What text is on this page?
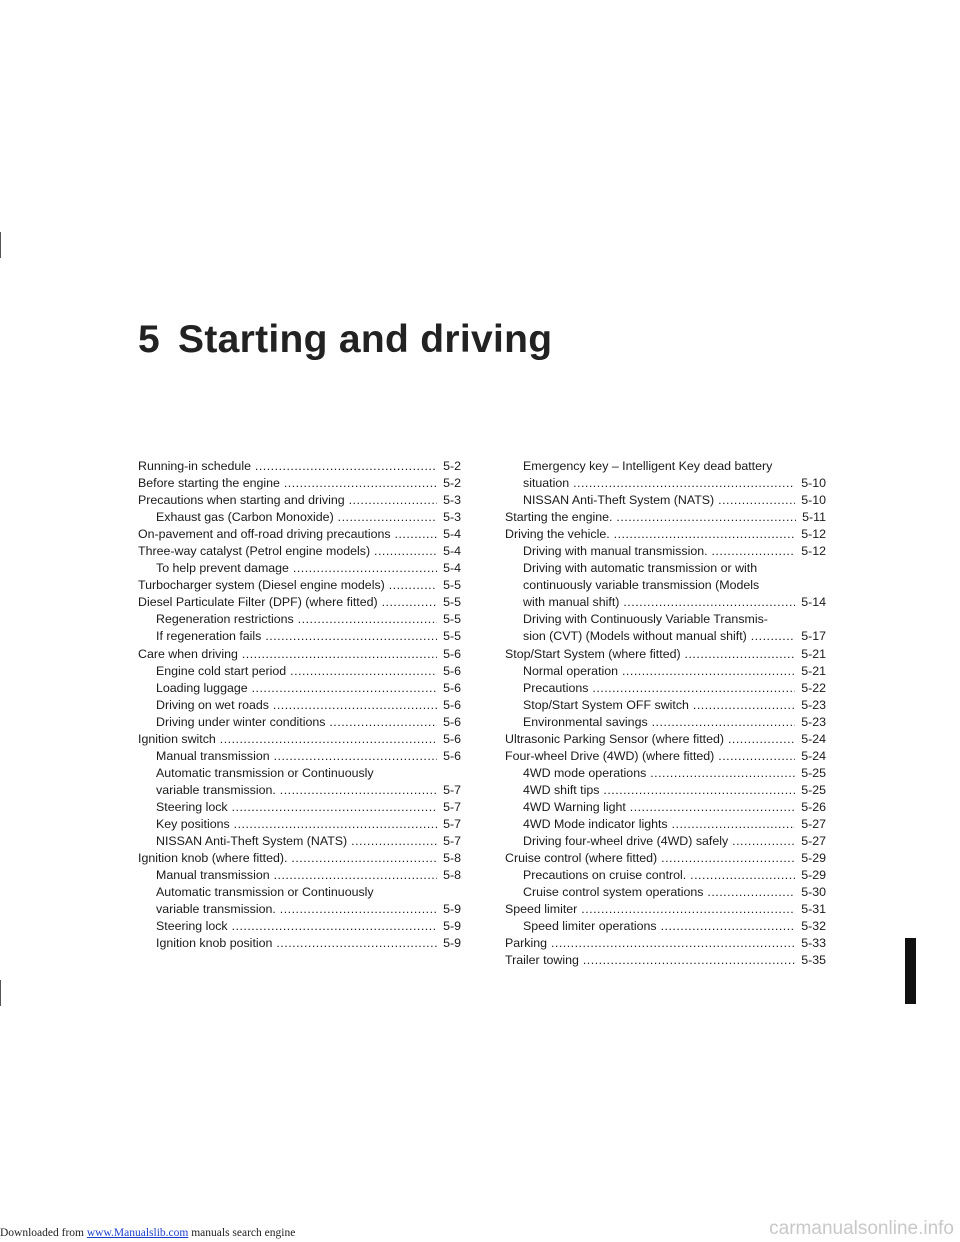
5 Starting and driving
Running-in schedule .....	5-2
Before starting the engine .....	5-2
Precautions when starting and driving .....	5-3
Exhaust gas (Carbon Monoxide) .....	5-3
On-pavement and off-road driving precautions .....	5-4
Three-way catalyst (Petrol engine models) .....	5-4
To help prevent damage .....	5-4
Turbocharger system (Diesel engine models) .....	5-5
Diesel Particulate Filter (DPF) (where fitted) .....	5-5
Regeneration restrictions .....	5-5
If regeneration fails .....	5-5
Care when driving .....	5-6
Engine cold start period .....	5-6
Loading luggage .....	5-6
Driving on wet roads .....	5-6
Driving under winter conditions .....	5-6
Ignition switch .....	5-6
Manual transmission .....	5-6
Automatic transmission or Continuously
variable transmission. .....	5-7
Steering lock .....	5-7
Key positions .....	5-7
NISSAN Anti-Theft System (NATS) .....	5-7
Ignition knob (where fitted). .....	5-8
Manual transmission .....	5-8
Automatic transmission or Continuously
variable transmission. .....	5-9
Steering lock .....	5-9
Ignition knob position .....	5-9
Emergency key – Intelligent Key dead battery
situation .....	5-10
NISSAN Anti-Theft System (NATS) .....	5-10
Starting the engine. .....	5-11
Driving the vehicle. .....	5-12
Driving with manual transmission. .....	5-12
Driving with automatic transmission or with
continuously variable transmission (Models
with manual shift) .....	5-14
Driving with Continuously Variable Transmis-
sion (CVT) (Models without manual shift) .....	5-17
Stop/Start System (where fitted) .....	5-21
Normal operation .....	5-21
Precautions .....	5-22
Stop/Start System OFF switch .....	5-23
Environmental savings .....	5-23
Ultrasonic Parking Sensor (where fitted) .....	5-24
Four-wheel Drive (4WD) (where fitted) .....	5-24
4WD mode operations .....	5-25
4WD shift tips .....	5-25
4WD Warning light .....	5-26
4WD Mode indicator lights .....	5-27
Driving four-wheel drive (4WD) safely .....	5-27
Cruise control (where fitted) .....	5-29
Precautions on cruise control. .....	5-29
Cruise control system operations .....	5-30
Speed limiter .....	5-31
Speed limiter operations .....	5-32
Parking .....	5-33
Trailer towing .....	5-35
Downloaded from www.Manualslib.com manuals search engine	carmanualsonline.info
